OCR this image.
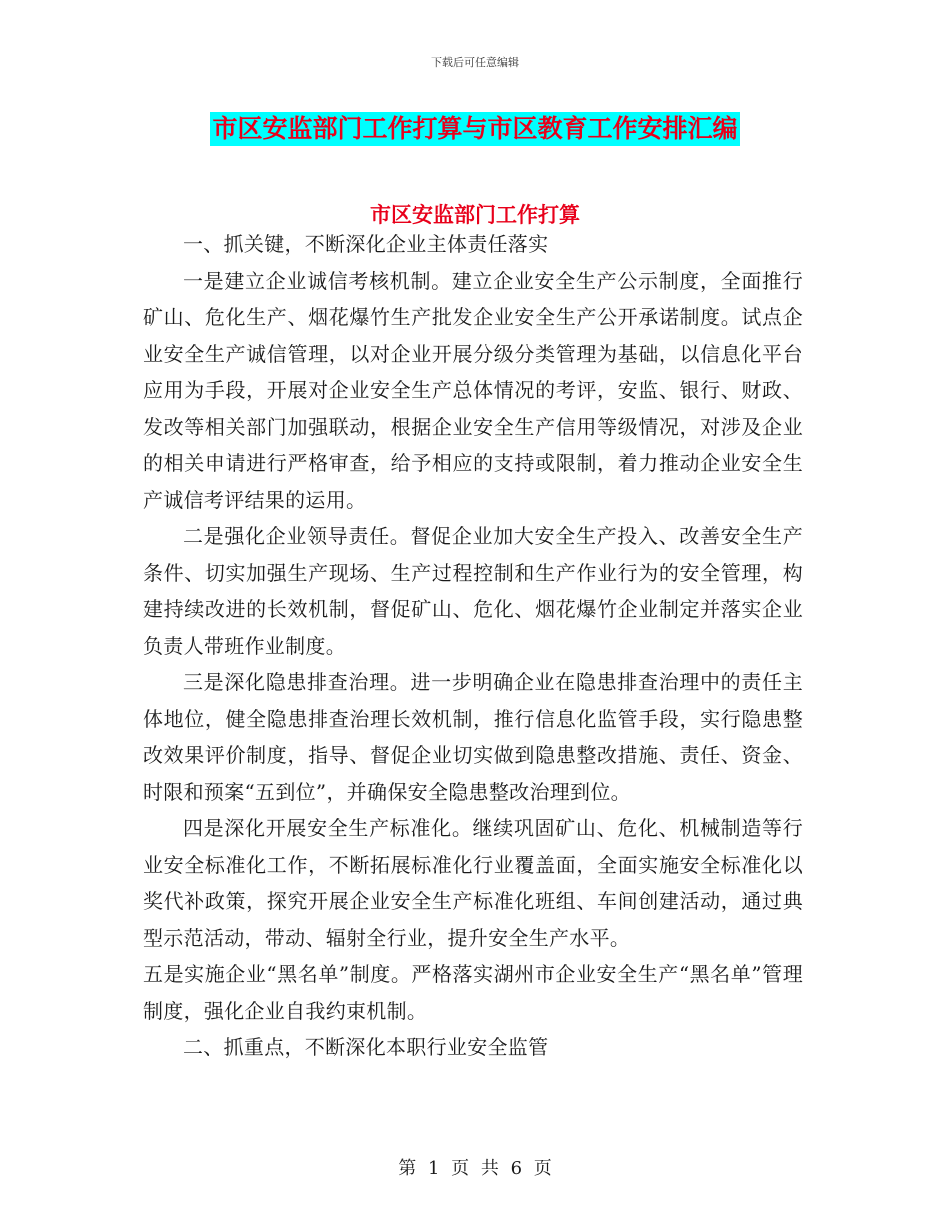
下载后可任意编辑
市区安监部门工作打算与市区教育工作安排汇编
市区安监部门工作打算

一、抓关键，不断深化企业主体责任落实

一是建立企业诚信考核机制。建立企业安全生产公示制度，全面推行矿山、危化生产、烟花爆竹生产批发企业安全生产公开承诺制度。试点企业安全生产诚信管理，以对企业开展分级分类管理为基础，以信息化平台应用为手段，开展对企业安全生产总体情况的考评，安监、银行、财政、发改等相关部门加强联动，根据企业安全生产信用等级情况，对涉及企业的相关申请进行严格审查，给予相应的支持或限制，着力推动企业安全生产诚信考评结果的运用。

二是强化企业领导责任。督促企业加大安全生产投入、改善安全生产条件、切实加强生产现场、生产过程控制和生产作业行为的安全管理，构建持续改进的长效机制，督促矿山、危化、烟花爆竹企业制定并落实企业负责人带班作业制度。

三是深化隐患排查治理。进一步明确企业在隐患排查治理中的责任主体地位，健全隐患排查治理长效机制，推行信息化监管手段，实行隐患整改效果评价制度，指导、督促企业切实做到隐患整改措施、责任、资金、时限和预案“五到位”，并确保安全隐患整改治理到位。

四是深化开展安全生产标准化。继续巩固矿山、危化、机械制造等行业安全标准化工作，不断拓展标准化行业覆盖面，全面实施安全标准化以奖代补政策，探究开展企业安全生产标准化班组、车间创建活动，通过典型示范活动，带动、辐射全行业，提升安全生产水平。

五是实施企业“黑名单”制度。严格落实湖州市企业安全生产“黑名单”管理制度，强化企业自我约束机制。

二、抓重点，不断深化本职行业安全监管

第 1 页 共 6 页
